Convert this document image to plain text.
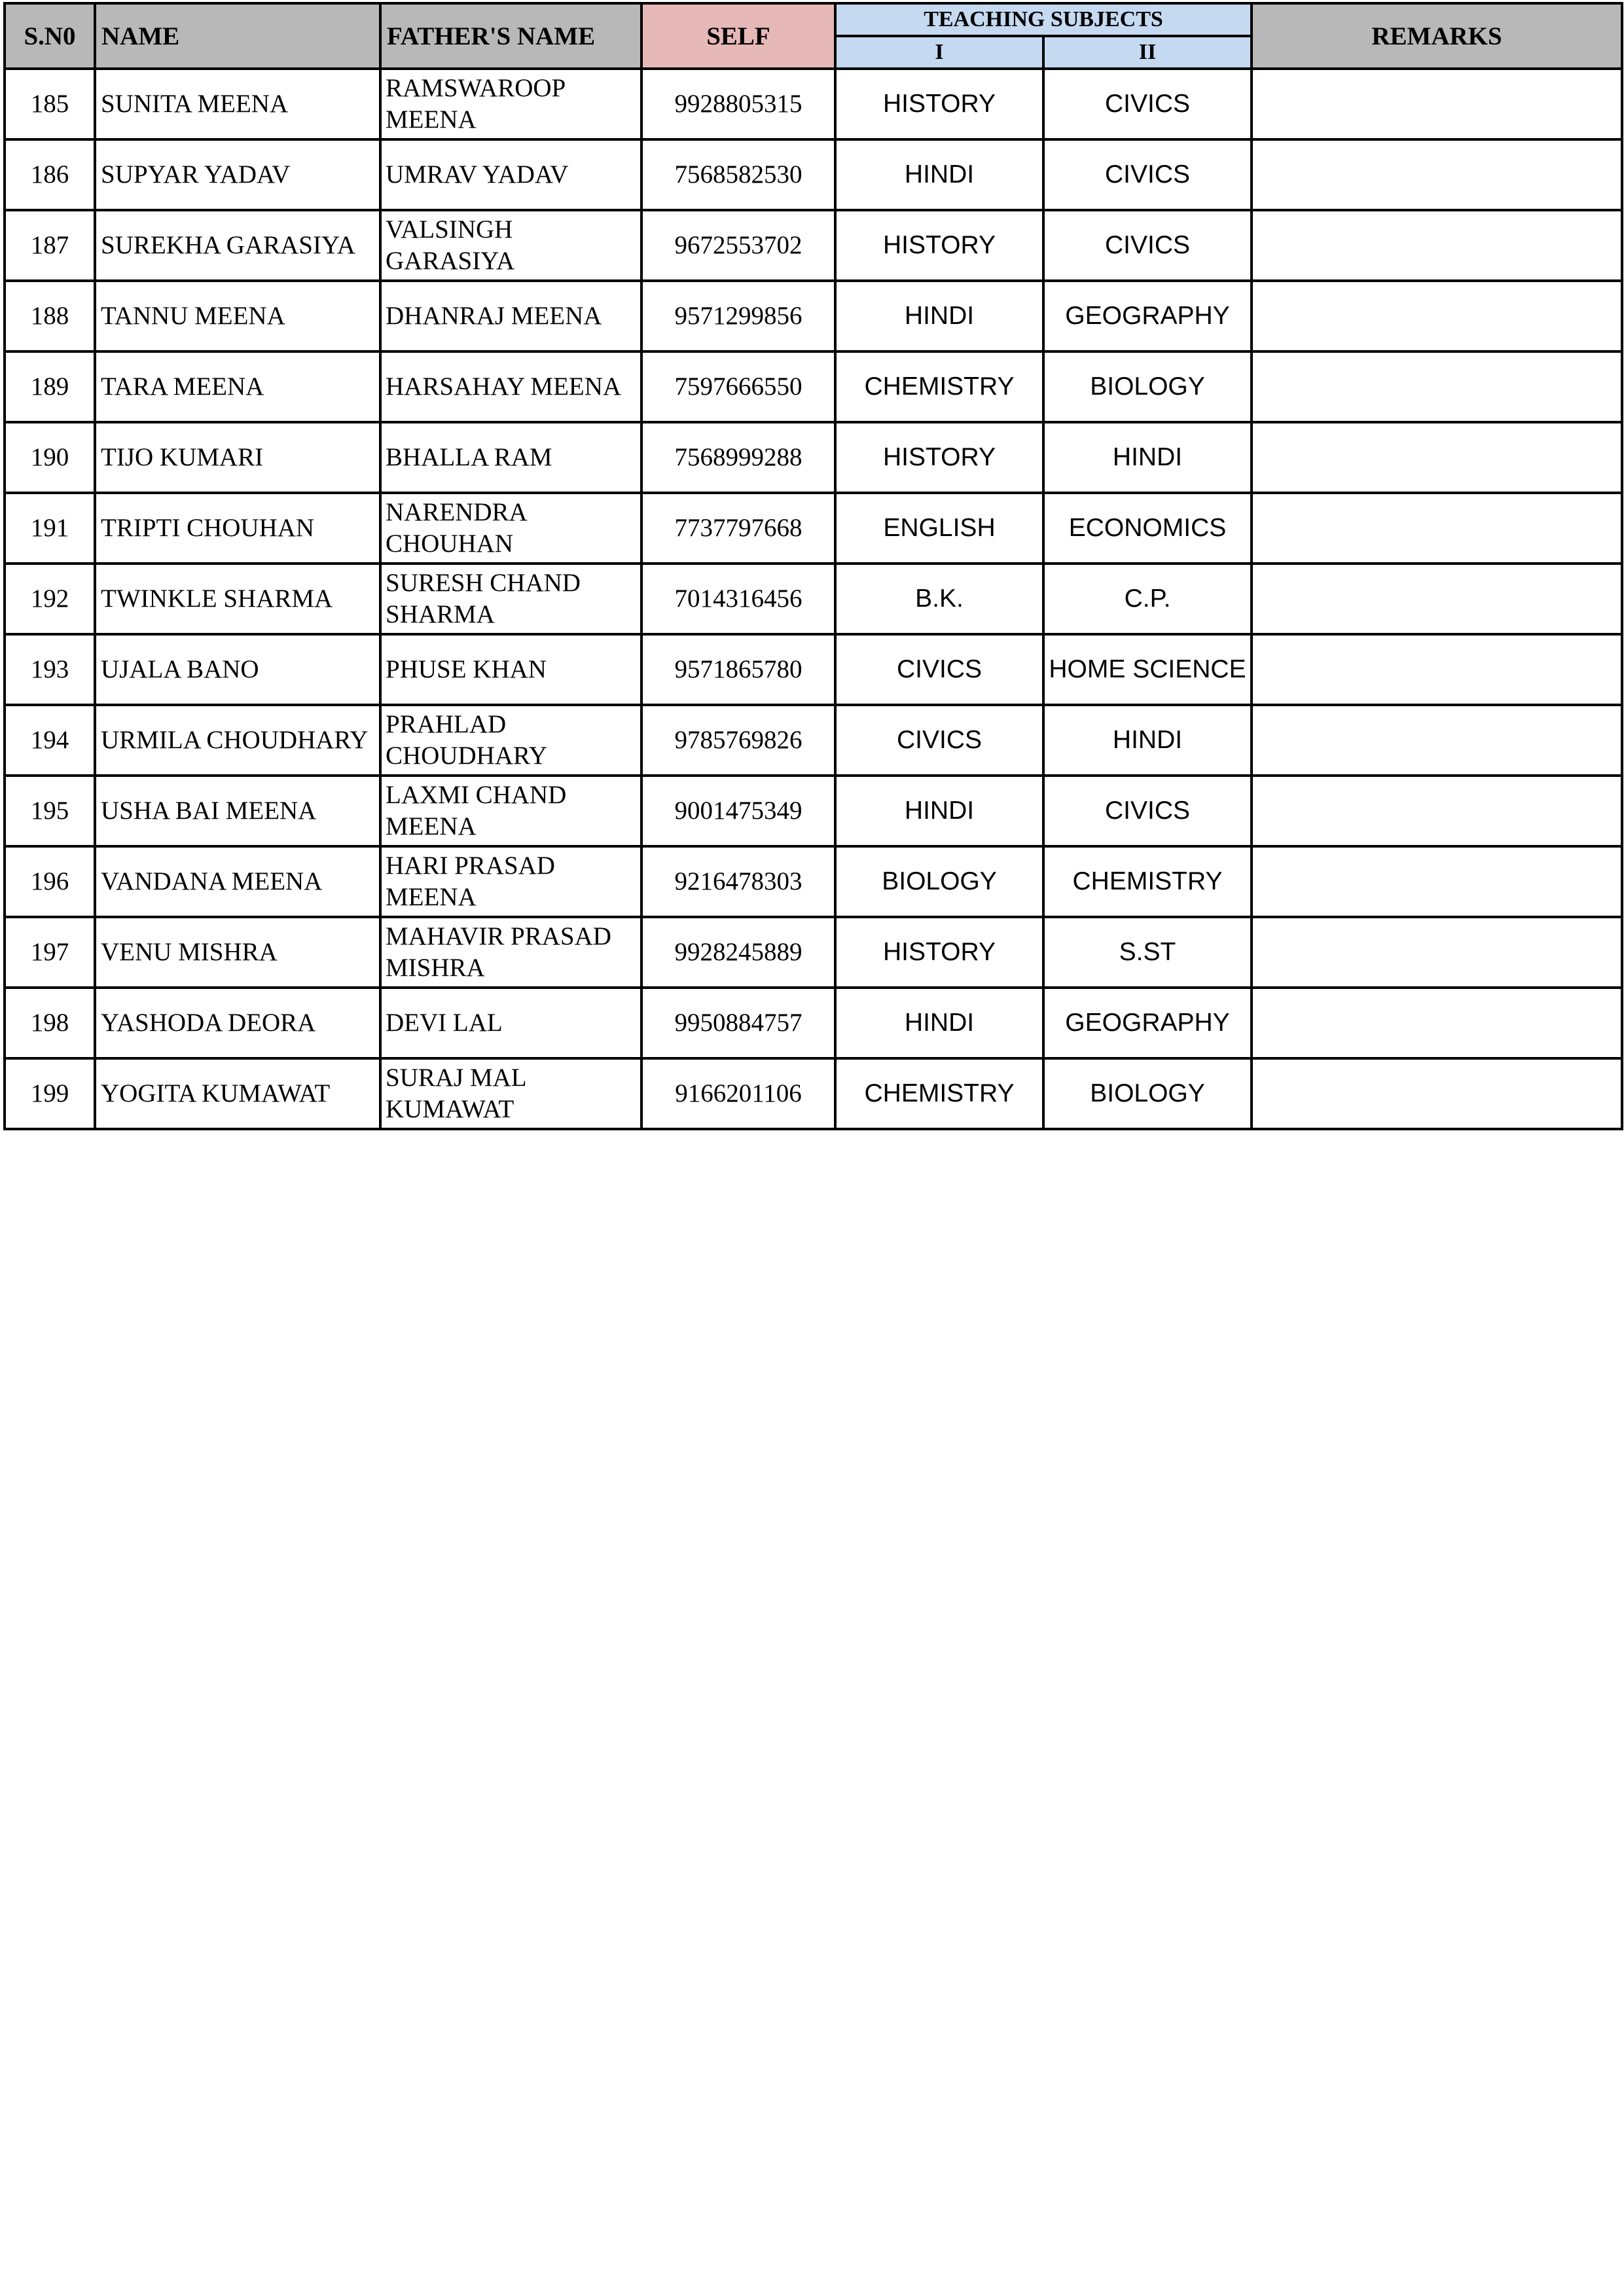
S.N0	NAME	FATHER'S NAME	SELF	TEACHING SUBJECTS		REMARKS
				I	II	
185	SUNITA MEENA	RAMSWAROOP MEENA	9928805315	HISTORY	CIVICS	
186	SUPYAR YADAV	UMRAV YADAV	7568582530	HINDI	CIVICS	
187	SUREKHA GARASIYA	VALSINGH GARASIYA	9672553702	HISTORY	CIVICS	
188	TANNU MEENA	DHANRAJ MEENA	9571299856	HINDI	GEOGRAPHY	
189	TARA MEENA	HARSAHAY MEENA	7597666550	CHEMISTRY	BIOLOGY	
190	TIJO KUMARI	BHALLA RAM	7568999288	HISTORY	HINDI	
191	TRIPTI CHOUHAN	NARENDRA CHOUHAN	7737797668	ENGLISH	ECONOMICS	
192	TWINKLE SHARMA	SURESH CHAND SHARMA	7014316456	B.K.	C.P.	
193	UJALA BANO	PHUSE KHAN	9571865780	CIVICS	HOME SCIENCE	
194	URMILA CHOUDHARY	PRAHLAD CHOUDHARY	9785769826	CIVICS	HINDI	
195	USHA BAI MEENA	LAXMI CHAND MEENA	9001475349	HINDI	CIVICS	
196	VANDANA MEENA	HARI PRASAD MEENA	9216478303	BIOLOGY	CHEMISTRY	
197	VENU MISHRA	MAHAVIR PRASAD MISHRA	9928245889	HISTORY	S.ST	
198	YASHODA DEORA	DEVI LAL	9950884757	HINDI	GEOGRAPHY	
199	YOGITA KUMAWAT	SURAJ MAL KUMAWAT	9166201106	CHEMISTRY	BIOLOGY	
